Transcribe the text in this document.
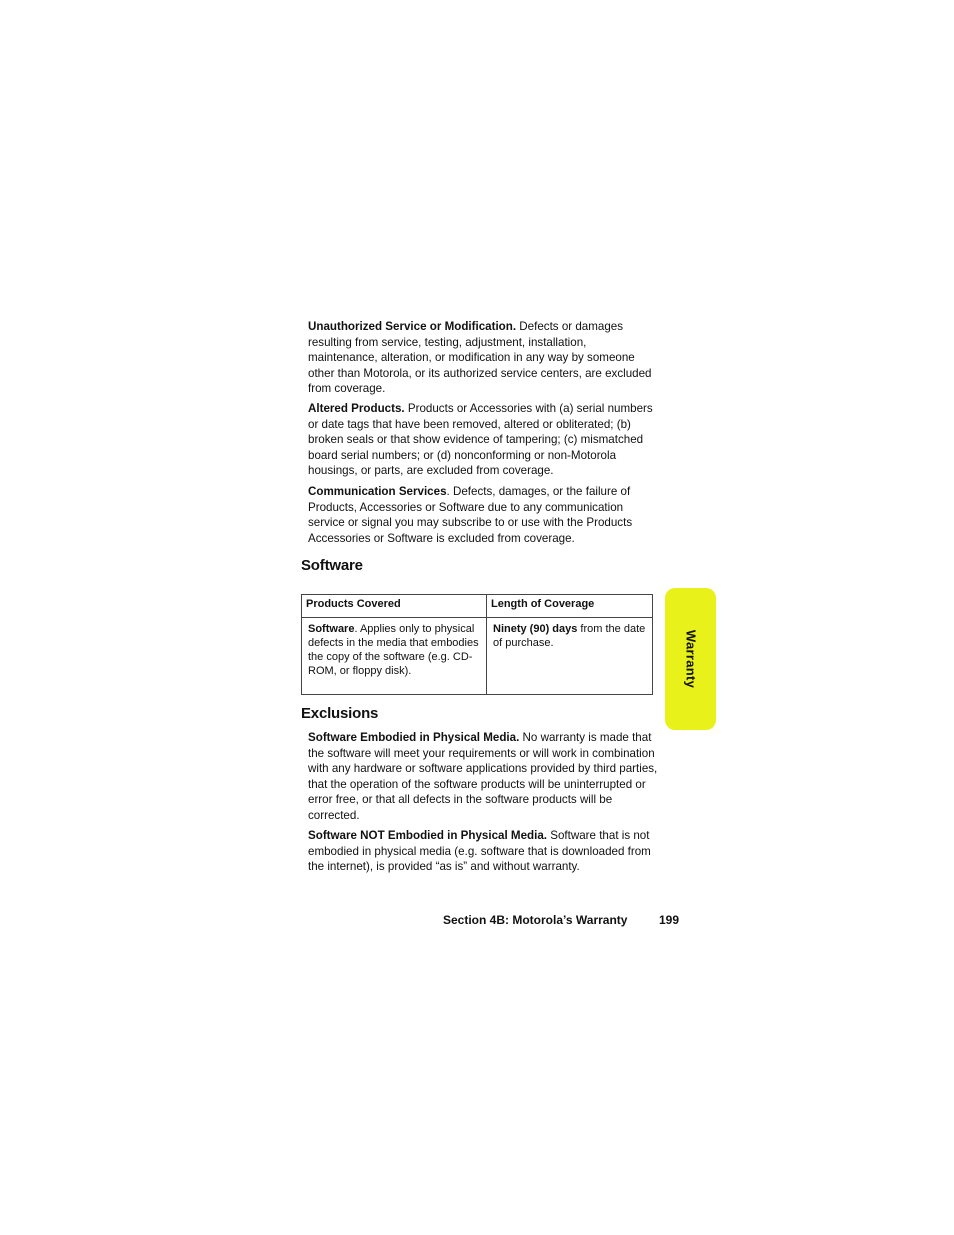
Unauthorized Service or Modification. Defects or damages resulting from service, testing, adjustment, installation, maintenance, alteration, or modification in any way by someone other than Motorola, or its authorized service centers, are excluded from coverage.

Altered Products. Products or Accessories with (a) serial numbers or date tags that have been removed, altered or obliterated; (b) broken seals or that show evidence of tampering; (c) mismatched board serial numbers; or (d) nonconforming or non-Motorola housings, or parts, are excluded from coverage.

Communication Services. Defects, damages, or the failure of Products, Accessories or Software due to any communication service or signal you may subscribe to or use with the Products Accessories or Software is excluded from coverage.

Software
Products Covered	Length of Coverage
Software. Applies only to physical defects in the media that embodies the copy of the software (e.g. CD-ROM, or floppy disk).	Ninety (90) days from the date of purchase.
Exclusions

Software Embodied in Physical Media. No warranty is made that the software will meet your requirements or will work in combination with any hardware or software applications provided by third parties, that the operation of the software products will be uninterrupted or error free, or that all defects in the software products will be corrected.

Software NOT Embodied in Physical Media. Software that is not embodied in physical media (e.g. software that is downloaded from the internet), is provided “as is” and without warranty.

Warranty
Section 4B: Motorola’s Warranty	199
